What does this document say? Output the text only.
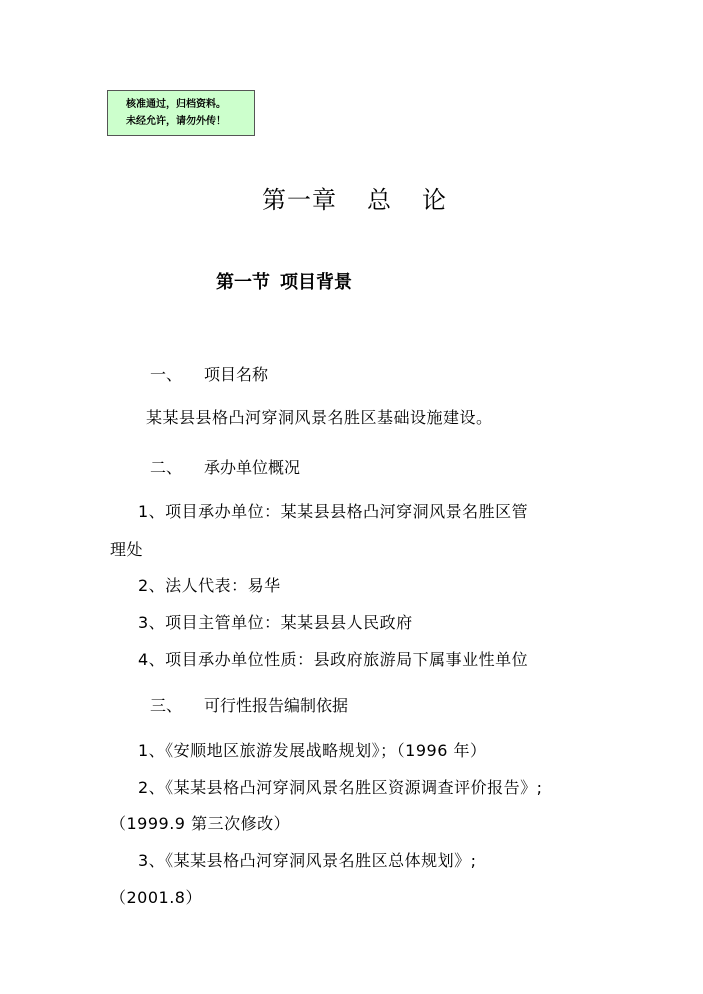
核准通过，归档资料。
未经允许，请勿外传！
第一章 总 论
第一节 项目背景
一、 项目名称
某某县县格凸河穿洞风景名胜区基础设施建设。
二、 承办单位概况
1、项目承办单位：某某县县格凸河穿洞风景名胜区管
理处
2、法人代表：易华
3、项目主管单位：某某县县人民政府
4、项目承办单位性质：县政府旅游局下属事业性单位
三、 可行性报告编制依据
1、《安顺地区旅游发展战略规划》；（1996 年）
2、《某某县格凸河穿洞风景名胜区资源调查评价报告》;
（1999.9 第三次修改）
3、《某某县格凸河穿洞风景名胜区总体规划》;
（2001.8）
